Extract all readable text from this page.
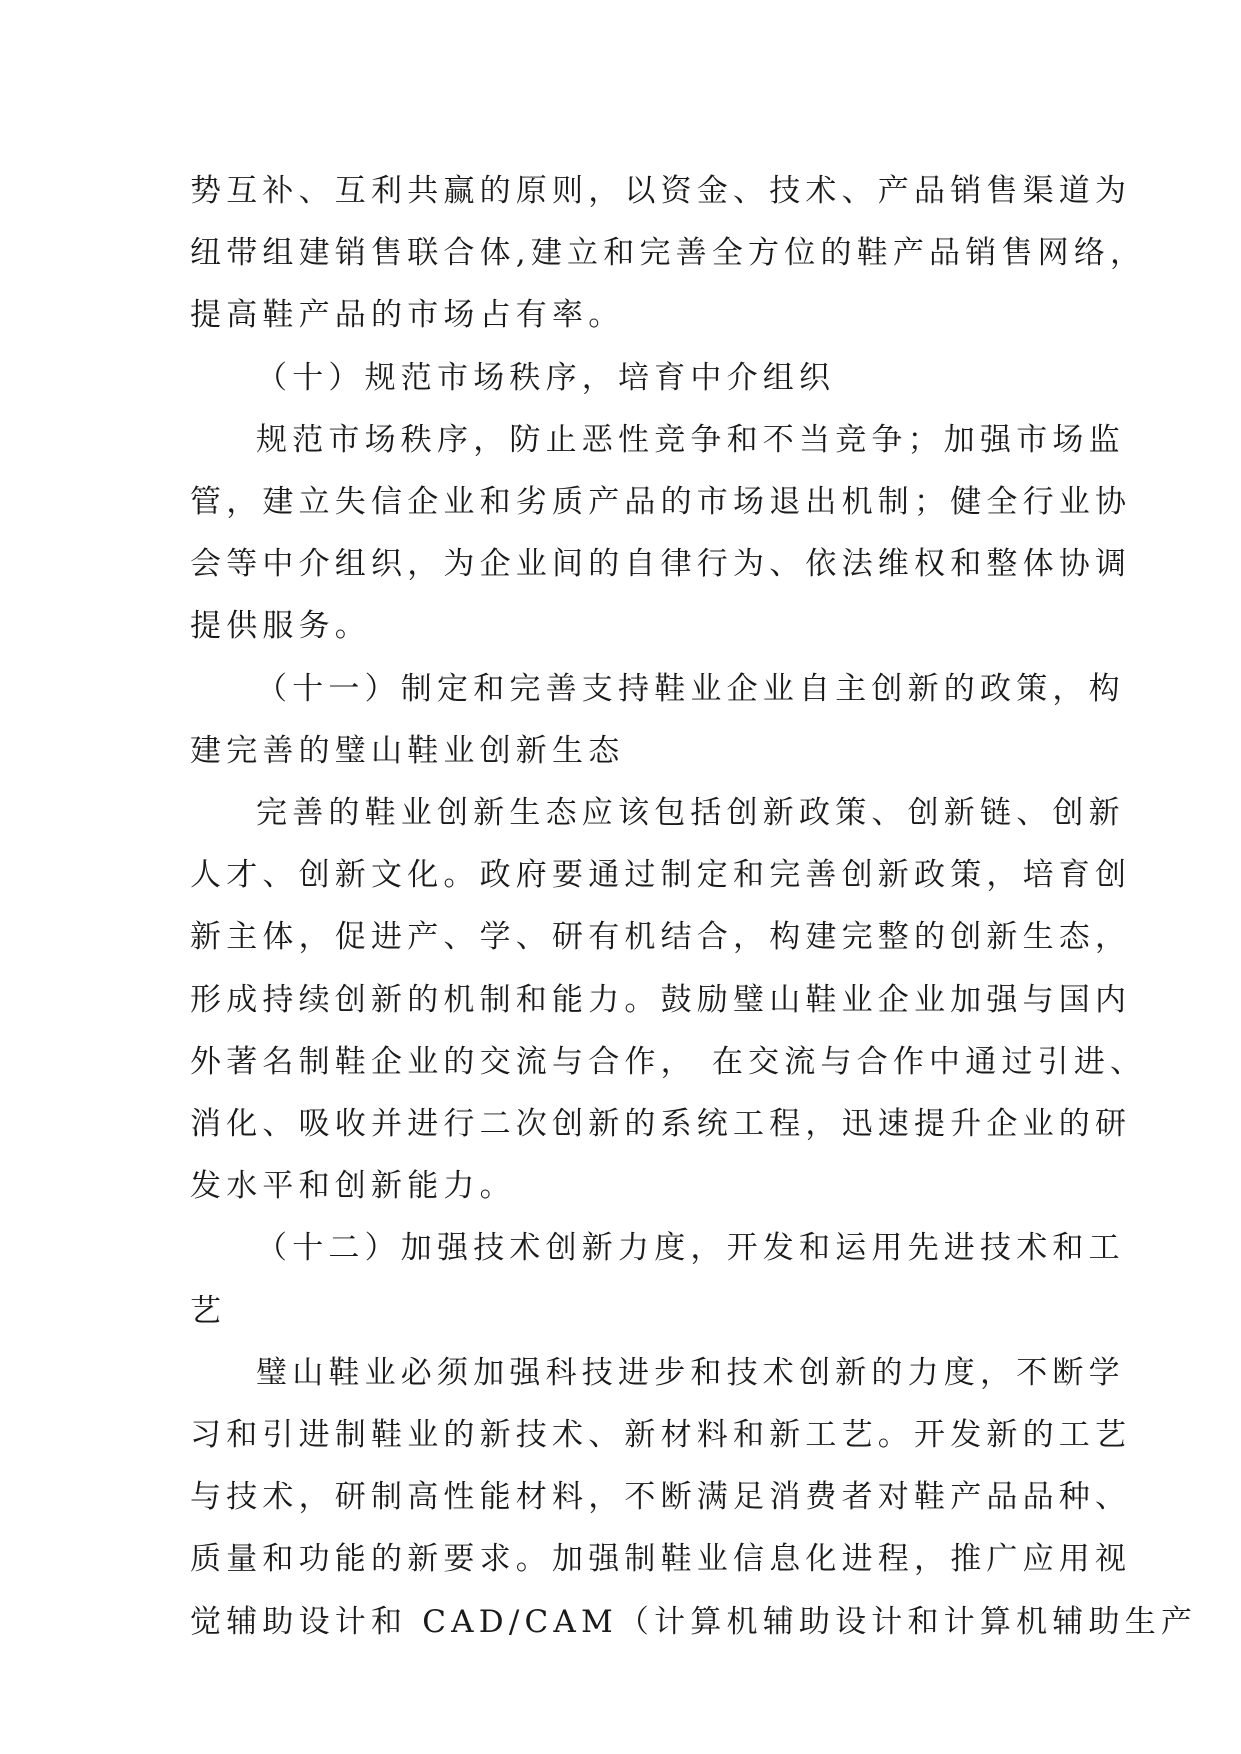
势互补、互利共赢的原则，以资金、技术、产品销售渠道为
纽带组建销售联合体,建立和完善全方位的鞋产品销售网络，
提高鞋产品的市场占有率。

（十）规范市场秩序，培育中介组织

规范市场秩序，防止恶性竞争和不当竞争；加强市场监
管，建立失信企业和劣质产品的市场退出机制；健全行业协
会等中介组织，为企业间的自律行为、依法维权和整体协调
提供服务。

（十一）制定和完善支持鞋业企业自主创新的政策，构
建完善的璧山鞋业创新生态

完善的鞋业创新生态应该包括创新政策、创新链、创新
人才、创新文化。政府要通过制定和完善创新政策，培育创
新主体，促进产、学、研有机结合，构建完整的创新生态，
形成持续创新的机制和能力。鼓励璧山鞋业企业加强与国内
外著名制鞋企业的交流与合作， 在交流与合作中通过引进、
消化、吸收并进行二次创新的系统工程，迅速提升企业的研
发水平和创新能力。

（十二）加强技术创新力度，开发和运用先进技术和工
艺

璧山鞋业必须加强科技进步和技术创新的力度，不断学
习和引进制鞋业的新技术、新材料和新工艺。开发新的工艺
与技术，研制高性能材料，不断满足消费者对鞋产品品种、
质量和功能的新要求。加强制鞋业信息化进程，推广应用视
觉辅助设计和 CAD/CAM（计算机辅助设计和计算机辅助生产
